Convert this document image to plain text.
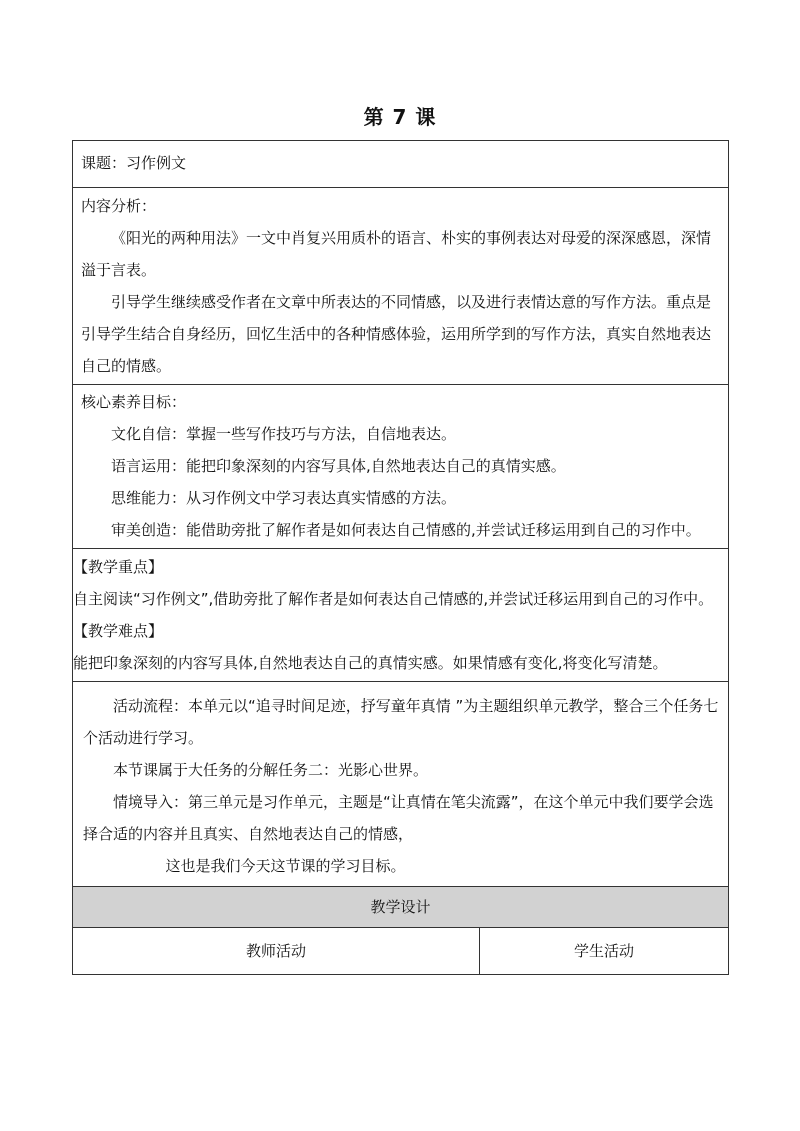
第 7 课

课题：习作例文

内容分析：

《阳光的两种用法》一文中肖复兴用质朴的语言、朴实的事例表达对母爱的深深感恩，深情溢于言表。

引导学生继续感受作者在文章中所表达的不同情感，以及进行表情达意的写作方法。重点是引导学生结合自身经历，回忆生活中的各种情感体验，运用所学到的写作方法，真实自然地表达自己的情感。

核心素养目标：

文化自信：掌握一些写作技巧与方法，自信地表达。

语言运用：能把印象深刻的内容写具体,自然地表达自己的真情实感。

思维能力：从习作例文中学习表达真实情感的方法。

审美创造：能借助旁批了解作者是如何表达自己情感的,并尝试迁移运用到自己的习作中。

【教学重点】

自主阅读“习作例文”,借助旁批了解作者是如何表达自己情感的,并尝试迁移运用到自己的习作中。

【教学难点】

能把印象深刻的内容写具体,自然地表达自己的真情实感。如果情感有变化,将变化写清楚。

活动流程：本单元以“追寻时间足迹，抒写童年真情 ”为主题组织单元教学，整合三个任务七个活动进行学习。

本节课属于大任务的分解任务二：光影心世界。

情境导入：第三单元是习作单元，主题是“让真情在笔尖流露”，在这个单元中我们要学会选择合适的内容并且真实、自然地表达自己的情感，

这也是我们今天这节课的学习目标。

教学设计
教师活动	学生活动
